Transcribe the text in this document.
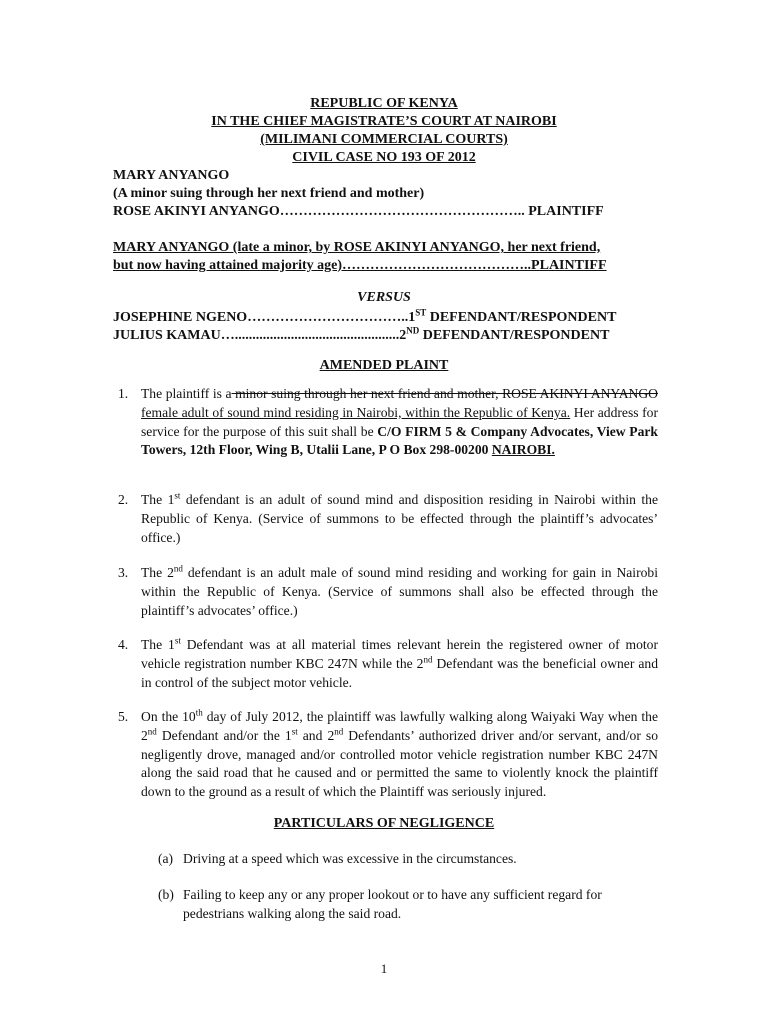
REPUBLIC OF KENYA
IN THE CHIEF MAGISTRATE’S COURT AT NAIROBI
(MILIMANI COMMERCIAL COURTS)
CIVIL CASE NO 193 OF 2012
MARY ANYANGO
(A minor suing through her next friend and mother)
ROSE AKINYI ANYANGO…………………………………………….. PLAINTIFF
MARY ANYANGO (late a minor, by ROSE AKINYI ANYANGO, her next friend,
but now having attained majority age)…………………………………..PLAINTIFF
VERSUS
JOSEPHINE NGENO……………………………..1ST DEFENDANT/RESPONDENT
JULIUS KAMAU…...............................................2ND DEFENDANT/RESPONDENT
AMENDED PLAINT
1. The plaintiff is a minor suing through her next friend and mother, ROSE AKINYI ANYANGO female adult of sound mind residing in Nairobi, within the Republic of Kenya. Her address for service for the purpose of this suit shall be C/O FIRM 5 & Company Advocates, View Park Towers, 12th Floor, Wing B, Utalii Lane, P O Box 298-00200 NAIROBI.
2. The 1st defendant is an adult of sound mind and disposition residing in Nairobi within the Republic of Kenya. (Service of summons to be effected through the plaintiff’s advocates’ office.)
3. The 2nd defendant is an adult male of sound mind residing and working for gain in Nairobi within the Republic of Kenya. (Service of summons shall also be effected through the plaintiff’s advocates’ office.)
4. The 1st Defendant was at all material times relevant herein the registered owner of motor vehicle registration number KBC 247N while the 2nd Defendant was the beneficial owner and in control of the subject motor vehicle.
5. On the 10th day of July 2012, the plaintiff was lawfully walking along Waiyaki Way when the 2nd Defendant and/or the 1st and 2nd Defendants’ authorized driver and/or servant, and/or so negligently drove, managed and/or controlled motor vehicle registration number KBC 247N along the said road that he caused and or permitted the same to violently knock the plaintiff down to the ground as a result of which the Plaintiff was seriously injured.
PARTICULARS OF NEGLIGENCE
(a) Driving at a speed which was excessive in the circumstances.
(b) Failing to keep any or any proper lookout or to have any sufficient regard for pedestrians walking along the said road.
1
